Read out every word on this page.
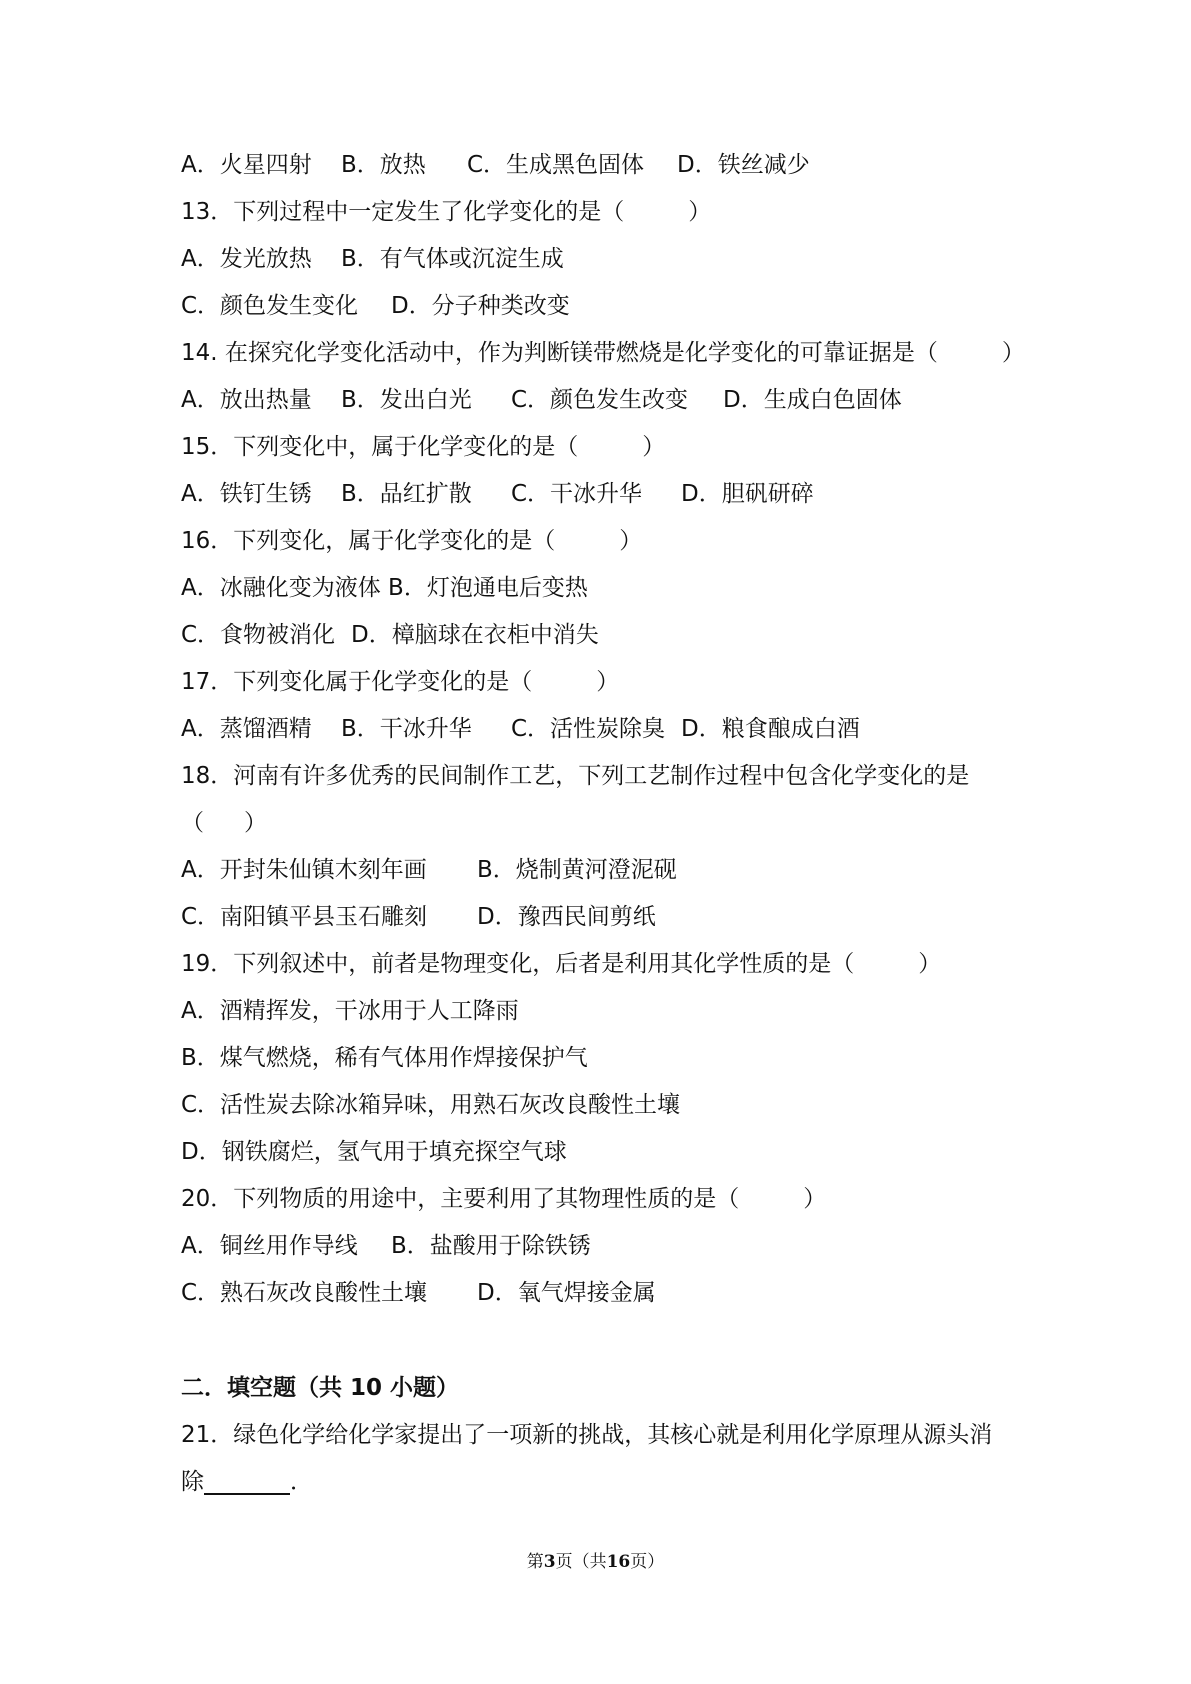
A．火星四射 B．放热 C．生成黑色固体 D．铁丝减少
13．下列过程中一定发生了化学变化的是（	）
A．发光放热 B．有气体或沉淀生成
C．颜色发生变化 D．分子种类改变
14. 在探究化学变化活动中，作为判断镁带燃烧是化学变化的可靠证据是（	）
A．放出热量 B．发出白光 C．颜色发生改变 D．生成白色固体
15．下列变化中，属于化学变化的是（	）
A．铁钉生锈 B．品红扩散 C．干冰升华 D．胆矾研碎
16．下列变化，属于化学变化的是（	）
A．冰融化变为液体 B．灯泡通电后变热
C．食物被消化 D．樟脑球在衣柜中消失
17．下列变化属于化学变化的是（	）
A．蒸馏酒精 B．干冰升华 C．活性炭除臭 D．粮食酿成白酒
18．河南有许多优秀的民间制作工艺，下列工艺制作过程中包含化学变化的是
（ ）
A．开封朱仙镇木刻年画 B．烧制黄河澄泥砚
C．南阳镇平县玉石雕刻 D．豫西民间剪纸
19．下列叙述中，前者是物理变化，后者是利用其化学性质的是（	）
A．酒精挥发，干冰用于人工降雨
B．煤气燃烧，稀有气体用作焊接保护气
C．活性炭去除冰箱异味，用熟石灰改良酸性土壤
D．钢铁腐烂，氢气用于填充探空气球
20．下列物质的用途中，主要利用了其物理性质的是（	）
A．铜丝用作导线 B．盐酸用于除铁锈
C．熟石灰改良酸性土壤 D．氧气焊接金属
二．填空题（共 10 小题）
21．绿色化学给化学家提出了一项新的挑战，其核心就是利用化学原理从源头消
除	．
第3页（共16页）
